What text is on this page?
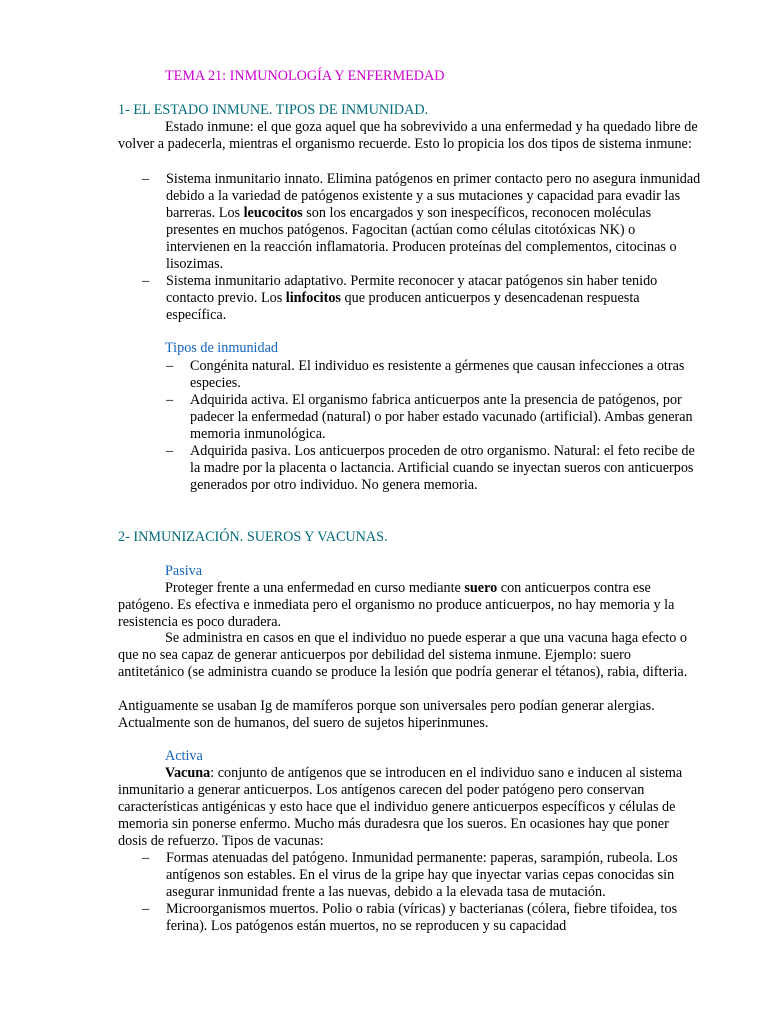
TEMA 21: INMUNOLOGÍA Y ENFERMEDAD
1- EL ESTADO INMUNE. TIPOS DE INMUNIDAD.

Estado inmune: el que goza aquel que ha sobrevivido a una enfermedad y ha quedado libre de volver a padecerla, mientras el organismo recuerde. Esto lo propicia los dos tipos de sistema inmune:

– Sistema inmunitario innato. Elimina patógenos en primer contacto pero no asegura inmunidad debido a la variedad de patógenos existente y a sus mutaciones y capacidad para evadir las barreras. Los leucocitos son los encargados y son inespecíficos, reconocen moléculas presentes en muchos patógenos. Fagocitan (actúan como células citotóxicas NK) o intervienen en la reacción inflamatoria. Producen proteínas del complementos, citocinas o lisozimas.
– Sistema inmunitario adaptativo. Permite reconocer y atacar patógenos sin haber tenido contacto previo. Los linfocitos que producen anticuerpos y desencadenan respuesta específica.
Tipos de inmunidad
– Congénita natural. El individuo es resistente a gérmenes que causan infecciones a otras especies.
– Adquirida activa. El organismo fabrica anticuerpos ante la presencia de patógenos, por padecer la enfermedad (natural) o por haber estado vacunado (artificial). Ambas generan memoria inmunológica.
– Adquirida pasiva. Los anticuerpos proceden de otro organismo. Natural: el feto recibe de la madre por la placenta o lactancia. Artificial cuando se inyectan sueros con anticuerpos generados por otro individuo. No genera memoria.
2- INMUNIZACIÓN. SUEROS Y VACUNAS.
Pasiva

Proteger frente a una enfermedad en curso mediante suero con anticuerpos contra ese patógeno. Es efectiva e inmediata pero el organismo no produce anticuerpos, no hay memoria y la resistencia es poco duradera.

Se administra en casos en que el individuo no puede esperar a que una vacuna haga efecto o que no sea capaz de generar anticuerpos por debilidad del sistema inmune. Ejemplo: suero antitetánico (se administra cuando se produce la lesión que podría generar el tétanos), rabia, difteria.

Antiguamente se usaban Ig de mamíferos porque son universales pero podían generar alergias. Actualmente son de humanos, del suero de sujetos hiperinmunes.

Activa

Vacuna: conjunto de antígenos que se introducen en el individuo sano e inducen al sistema inmunitario a generar anticuerpos. Los antígenos carecen del poder patógeno pero conservan características antigénicas y esto hace que el individuo genere anticuerpos específicos y células de memoria sin ponerse enfermo. Mucho más duradesra que los sueros. En ocasiones hay que poner dosis de refuerzo. Tipos de vacunas:

– Formas atenuadas del patógeno. Inmunidad permanente: paperas, sarampión, rubeola. Los antígenos son estables. En el virus de la gripe hay que inyectar varias cepas conocidas sin asegurar inmunidad frente a las nuevas, debido a la elevada tasa de mutación.
– Microorganismos muertos. Polio o rabia (víricas) y bacterianas (cólera, fiebre tifoidea, tos ferina). Los patógenos están muertos, no se reproducen y su capacidad
